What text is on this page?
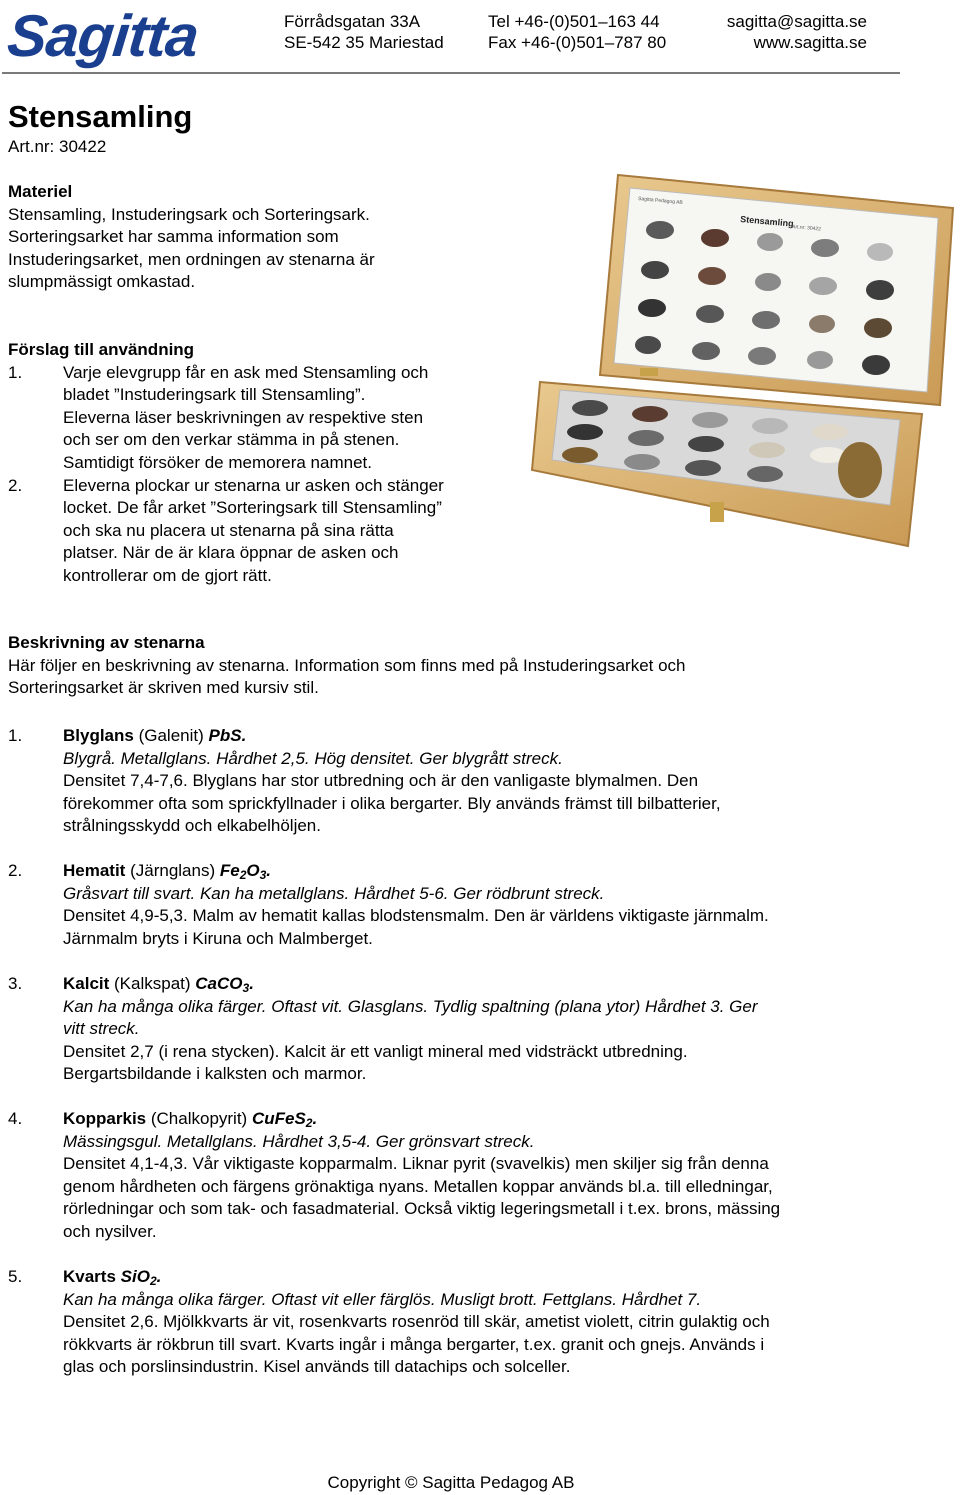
Sagitta	Förrådsgatan 33A
SE-542 35 Mariestad
Tel +46-(0)501–163 44
Fax +46-(0)501–787 80
sagitta@sagitta.se
www.sagitta.se
Stensamling
Art.nr: 30422
Materiel
Stensamling, Instuderingsark och Sorteringsark.
Sorteringsarket har samma information som
Instuderingsarket, men ordningen av stenarna är
slumpmässigt omkastad.
Förslag till användning
1. Varje elevgrupp får en ask med Stensamling och
bladet ”Instuderingsark till Stensamling”.
Eleverna läser beskrivningen av respektive sten
och ser om den verkar stämma in på stenen.
Samtidigt försöker de memorera namnet.
2. Eleverna plockar ur stenarna ur asken och stänger
locket. De får arket ”Sorteringsark till Stensamling”
och ska nu placera ut stenarna på sina rätta
platser. När de är klara öppnar de asken och
kontrollerar om de gjort rätt.
Stensamling
Sagitta Pedagog AB
Art.nr: 30422
Beskrivning av stenarna
Här följer en beskrivning av stenarna. Information som finns med på Instuderingsarket och
Sorteringsarket är skriven med kursiv stil.
1. Blyglans (Galenit) PbS.
Blygrå. Metallglans. Hårdhet 2,5. Hög densitet. Ger blygrått streck.
Densitet 7,4-7,6. Blyglans har stor utbredning och är den vanligaste blymalmen. Den
förekommer ofta som sprickfyllnader i olika bergarter. Bly används främst till bilbatterier,
strålningsskydd och elkabelhöljen.
2. Hematit (Järnglans) $Fe_2O_3$.
Gråsvart till svart. Kan ha metallglans. Hårdhet 5-6. Ger rödbrunt streck.
Densitet 4,9-5,3. Malm av hematit kallas blodstensmalm. Den är världens viktigaste järnmalm.
Järnmalm bryts i Kiruna och Malmberget.
3. Kalcit (Kalkspat) CaCO$_3$.
Kan ha många olika färger. Oftast vit. Glasglans. Tydlig spaltning (plana ytor) Hårdhet 3. Ger
vitt streck.
Densitet 2,7 (i rena stycken). Kalcit är ett vanligt mineral med vidsträckt utbredning.
Bergartsbildande i kalksten och marmor.
4. Kopparkis (Chalkopyrit) CuFeS$_2$.
Mässingsgul. Metallglans. Hårdhet 3,5-4. Ger grönsvart streck.
Densitet 4,1-4,3. Vår viktigaste kopparmalm. Liknar pyrit (svavelkis) men skiljer sig från denna
genom hårdheten och färgens grönaktiga nyans. Metallen koppar används bl.a. till elledningar,
rörledningar och som tak- och fasadmaterial. Också viktig legeringsmetall i t.ex. brons, mässing
och nysilver.
5. Kvarts SiO$_2$.
Kan ha många olika färger. Oftast vit eller färglös. Musligt brott. Fettglans. Hårdhet 7.
Densitet 2,6. Mjölkkvarts är vit, rosenkvarts rosenröd till skär, ametist violett, citrin gulaktig och
rökkvarts är rökbrun till svart. Kvarts ingår i många bergarter, t.ex. granit och gnejs. Används i
glas och porslinsindustrin. Kisel används till datachips och solceller.
Copyright © Sagitta Pedagog AB
